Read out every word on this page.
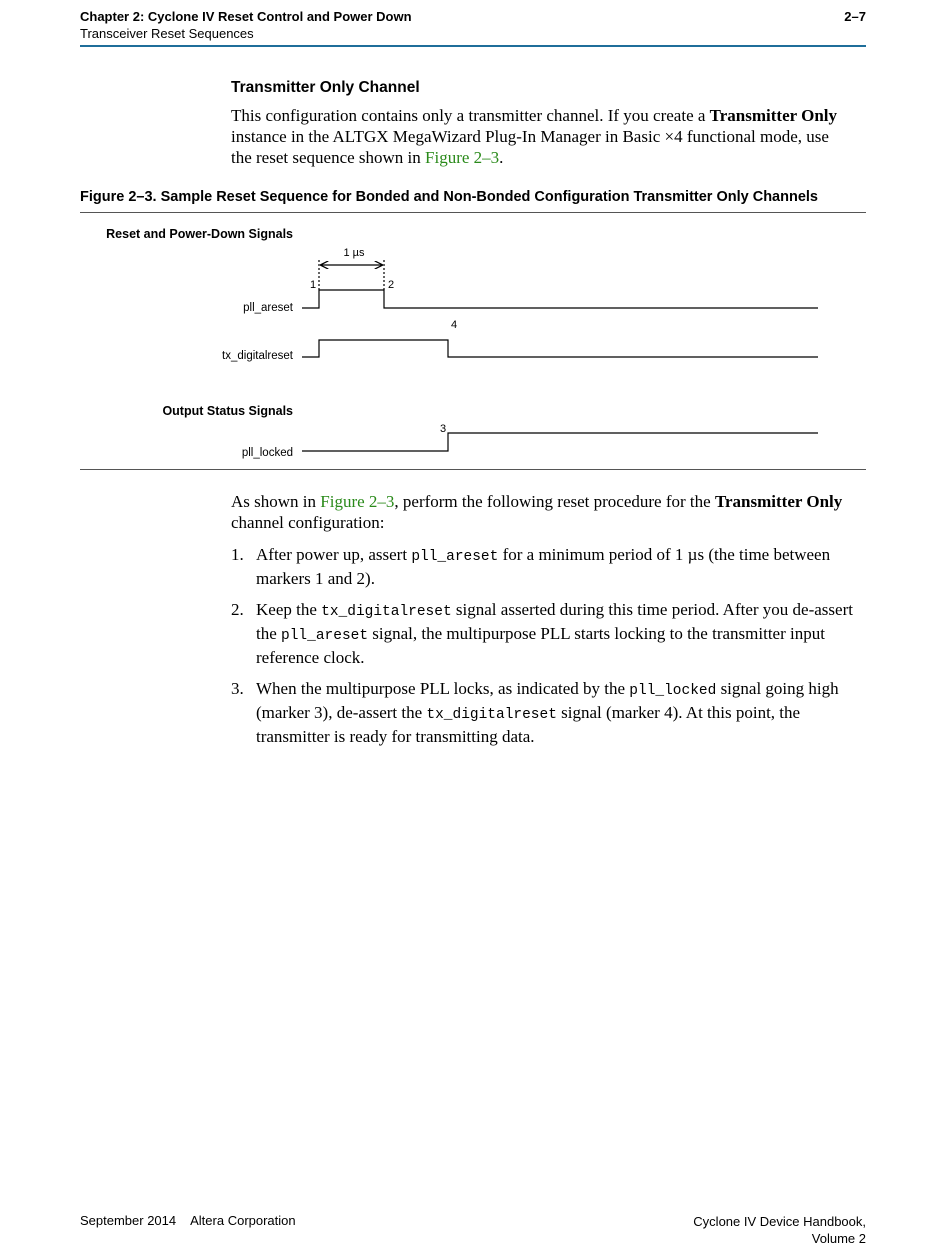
Chapter 2: Cyclone IV Reset Control and Power Down
Transceiver Reset Sequences
2–7
Transmitter Only Channel

This configuration contains only a transmitter channel. If you create a Transmitter Only instance in the ALTGX MegaWizard Plug-In Manager in Basic ×4 functional mode, use the reset sequence shown in Figure 2–3.

Figure 2–3. Sample Reset Sequence for Bonded and Non-Bonded Configuration Transmitter Only Channels
Reset and Power-Down Signals
Output Status Signals
pll_areset
tx_digitalreset
pll_locked
1 µs
1	2
3
4

As shown in Figure 2–3, perform the following reset procedure for the Transmitter Only channel configuration:

1. After power up, assert pll_areset for a minimum period of 1 µs (the time between markers 1 and 2).
2. Keep the tx_digitalreset signal asserted during this time period. After you de-assert the pll_areset signal, the multipurpose PLL starts locking to the transmitter input reference clock.
3. When the multipurpose PLL locks, as indicated by the pll_locked signal going high (marker 3), de-assert the tx_digitalreset signal (marker 4). At this point, the transmitter is ready for transmitting data.
September 2014 Altera Corporation	Cyclone IV Device Handbook,
Volume 2
